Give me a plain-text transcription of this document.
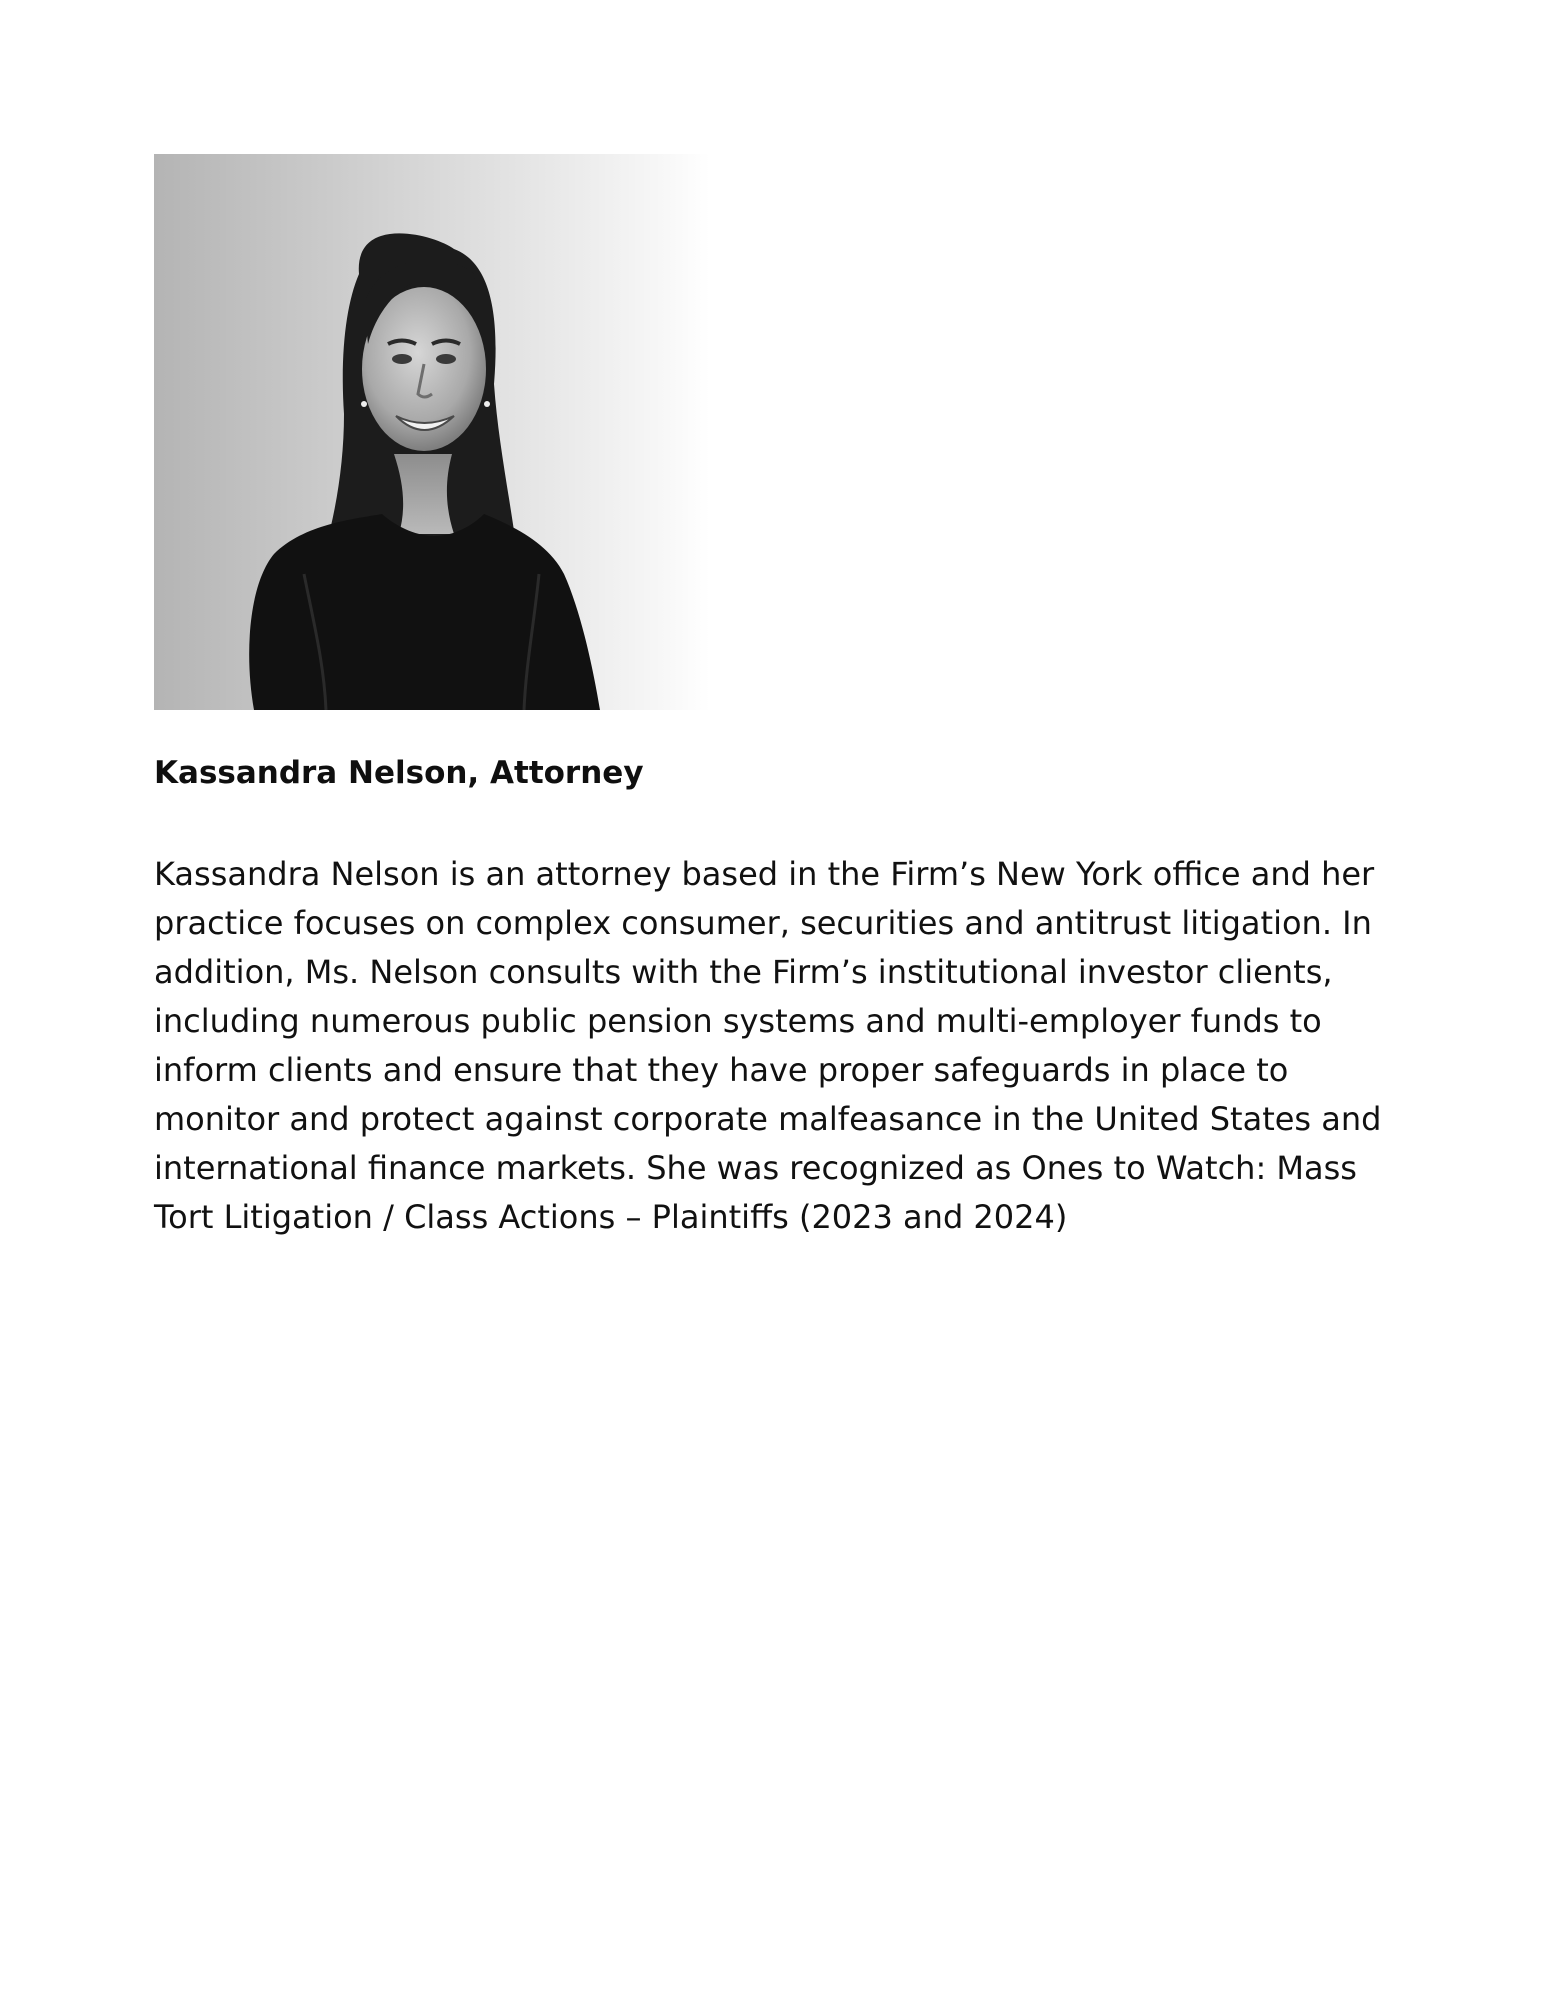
Kassandra Nelson, Attorney

Kassandra Nelson is an attorney based in the Firm’s New York office and her practice focuses on complex consumer, securities and antitrust litigation. In addition, Ms. Nelson consults with the Firm’s institutional investor clients, including numerous public pension systems and multi-employer funds to inform clients and ensure that they have proper safeguards in place to monitor and protect against corporate malfeasance in the United States and international finance markets. She was recognized as Ones to Watch: Mass Tort Litigation / Class Actions – Plaintiffs (2023 and 2024)
